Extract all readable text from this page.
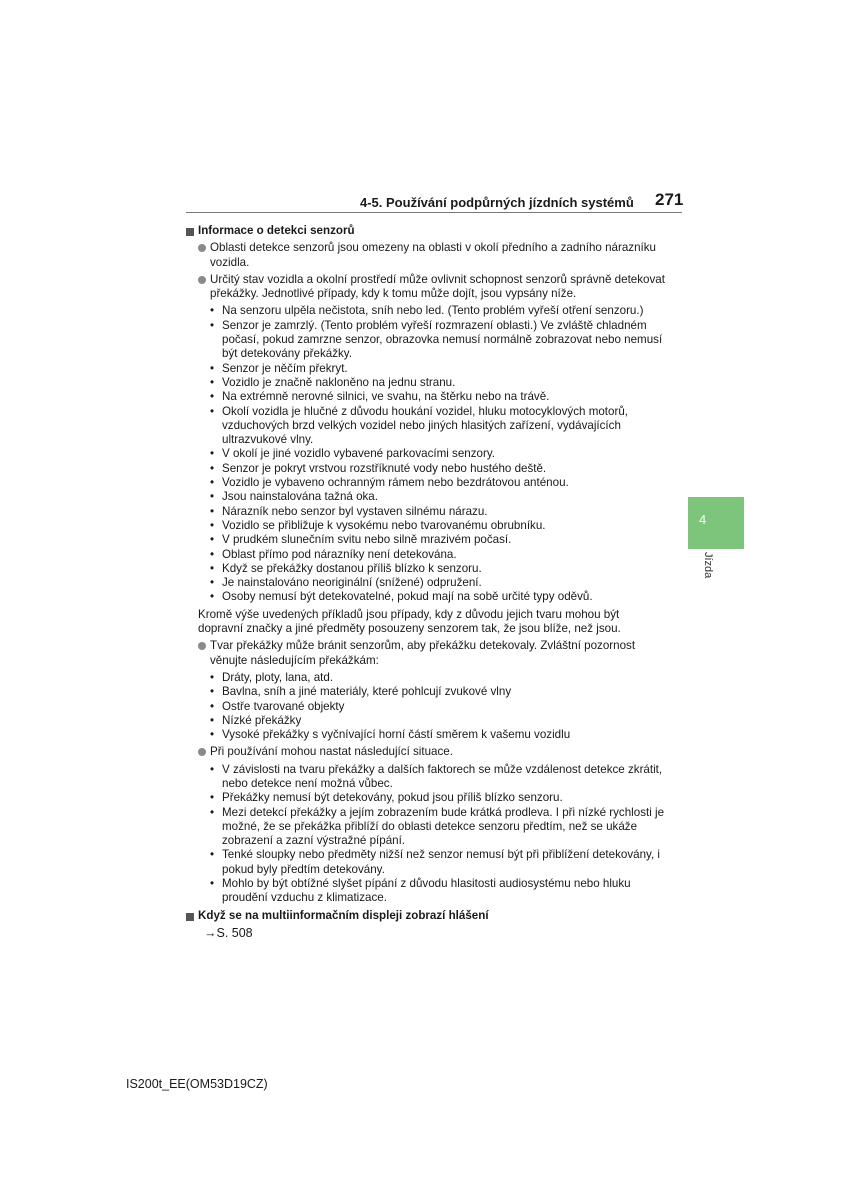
4-5. Používání podpůrných jízdních systémů 271
4
Jízda
Informace o detekci senzorů
Oblasti detekce senzorů jsou omezeny na oblasti v okolí předního a zadního nárazníku vozidla.
Určitý stav vozidla a okolní prostředí může ovlivnit schopnost senzorů správně detekovat překážky. Jednotlivé případy, kdy k tomu může dojít, jsou vypsány níže.
• Na senzoru ulpěla nečistota, sníh nebo led. (Tento problém vyřeší otření senzoru.)
• Senzor je zamrzlý. (Tento problém vyřeší rozmrazení oblasti.) Ve zvláště chladném počasí, pokud zamrzne senzor, obrazovka nemusí normálně zobrazovat nebo nemusí být detekovány překážky.
• Senzor je něčím překryt.
• Vozidlo je značně nakloněno na jednu stranu.
• Na extrémně nerovné silnici, ve svahu, na štěrku nebo na trávě.
• Okolí vozidla je hlučné z důvodu houkání vozidel, hluku motocyklových motorů, vzduchových brzd velkých vozidel nebo jiných hlasitých zařízení, vydávajících ultrazvukové vlny.
• V okolí je jiné vozidlo vybavené parkovacími senzory.
• Senzor je pokryt vrstvou rozstříknuté vody nebo hustého deště.
• Vozidlo je vybaveno ochranným rámem nebo bezdrátovou anténou.
• Jsou nainstalována tažná oka.
• Nárazník nebo senzor byl vystaven silnému nárazu.
• Vozidlo se přibližuje k vysokému nebo tvarovanému obrubníku.
• V prudkém slunečním svitu nebo silně mrazivém počasí.
• Oblast přímo pod nárazníky není detekována.
• Když se překážky dostanou příliš blízko k senzoru.
• Je nainstalováno neoriginální (snížené) odpružení.
• Osoby nemusí být detekovatelné, pokud mají na sobě určité typy oděvů.
Kromě výše uvedených příkladů jsou případy, kdy z důvodu jejich tvaru mohou být dopravní značky a jiné předměty posouzeny senzorem tak, že jsou blíže, než jsou.
Tvar překážky může bránit senzorům, aby překážku detekovaly. Zvláštní pozornost věnujte následujícím překážkám:
• Dráty, ploty, lana, atd.
• Bavlna, sníh a jiné materiály, které pohlcují zvukové vlny
• Ostře tvarované objekty
• Nízké překážky
• Vysoké překážky s vyčnívající horní částí směrem k vašemu vozidlu
Při používání mohou nastat následující situace.
• V závislosti na tvaru překážky a dalších faktorech se může vzdálenost detekce zkrátit, nebo detekce není možná vůbec.
• Překážky nemusí být detekovány, pokud jsou příliš blízko senzoru.
• Mezi detekcí překážky a jejím zobrazením bude krátká prodleva. I při nízké rychlosti je možné, že se překážka přiblíží do oblasti detekce senzoru předtím, než se ukáže zobrazení a zazní výstražné pípání.
• Tenké sloupky nebo předměty nižší než senzor nemusí být při přiblížení detekovány, i pokud byly předtím detekovány.
• Mohlo by být obtížné slyšet pípání z důvodu hlasitosti audiosystému nebo hluku proudění vzduchu z klimatizace.
Když se na multiinformačním displeji zobrazí hlášení
→S. 508
IS200t_EE(OM53D19CZ)
